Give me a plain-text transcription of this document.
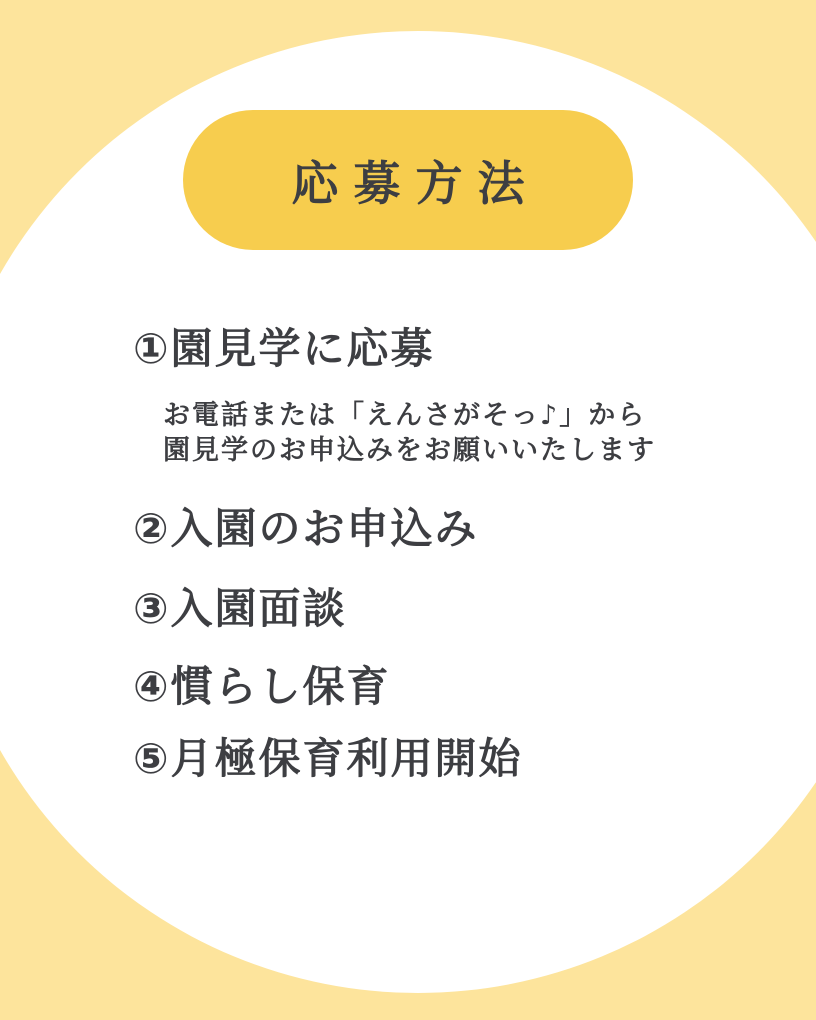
応募方法
①園見学に応募
お電話または「えんさがそっ♪」から
園見学のお申込みをお願いいたします
②入園のお申込み
③入園面談
④慣らし保育
⑤月極保育利用開始
